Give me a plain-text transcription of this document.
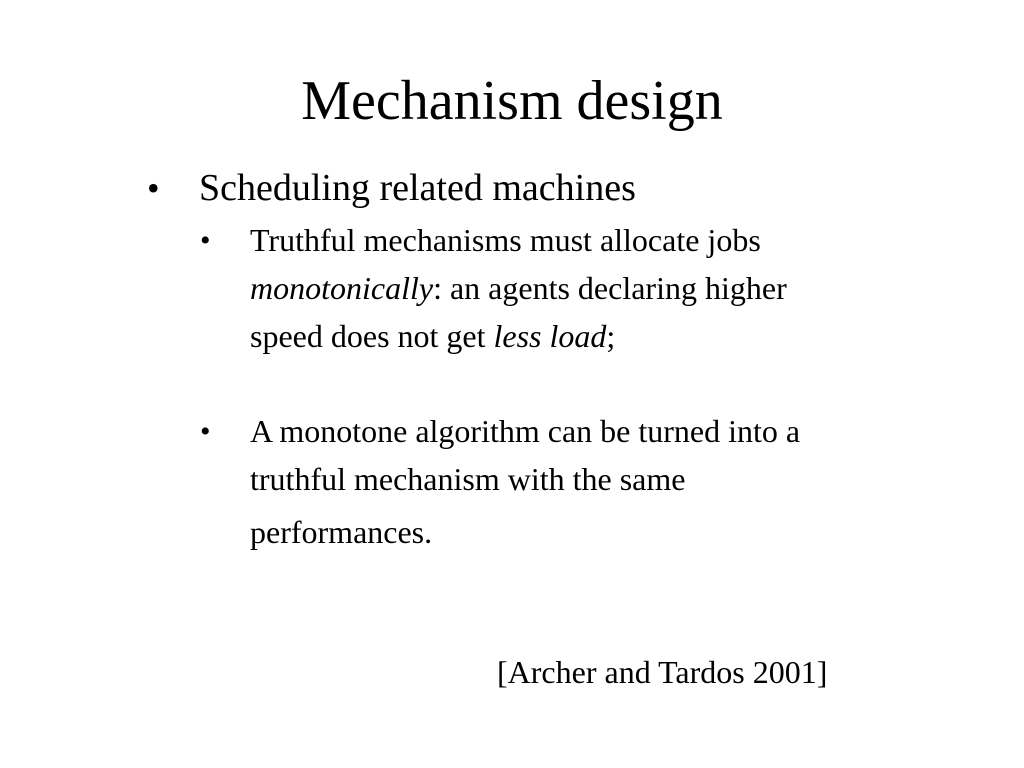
Mechanism design
• Scheduling related machines
• Truthful mechanisms must allocate jobs
monotonically: an agents declaring higher
speed does not get less load;
• A monotone algorithm can be turned into a
truthful mechanism with the same
performances.
[Archer and Tardos 2001]
